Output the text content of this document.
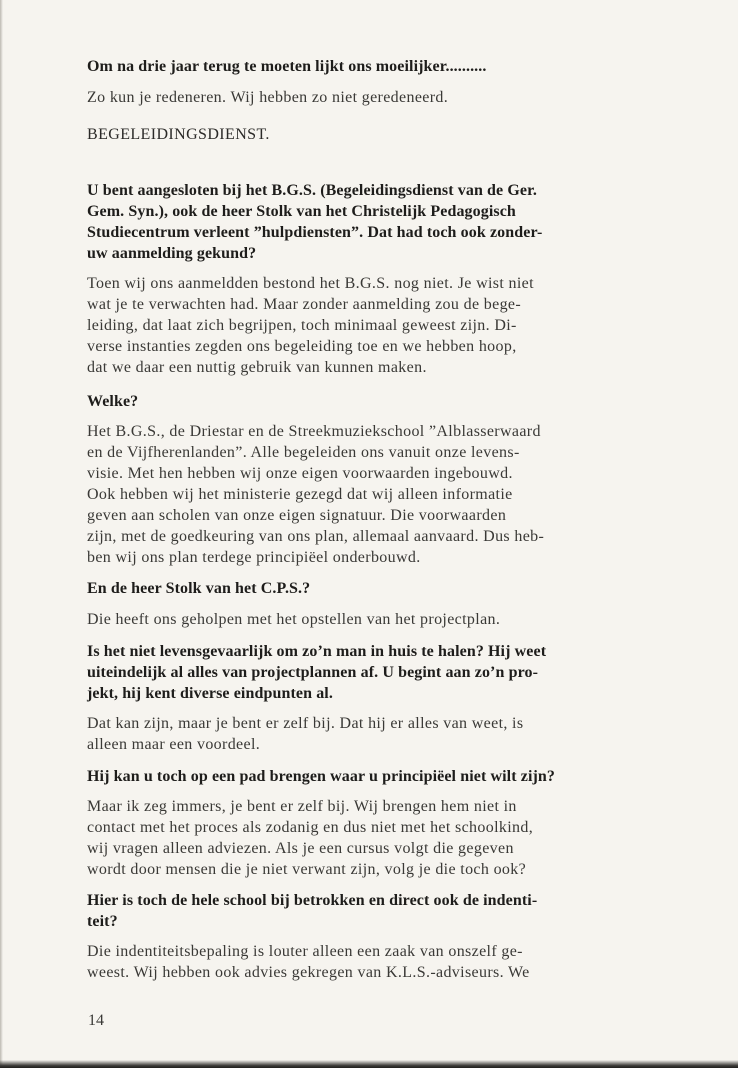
Om na drie jaar terug te moeten lijkt ons moeilijker..........

Zo kun je redeneren. Wij hebben zo niet geredeneerd.

BEGELEIDINGSDIENST.

U bent aangesloten bij het B.G.S. (Begeleidingsdienst van de Ger.
Gem. Syn.), ook de heer Stolk van het Christelijk Pedagogisch
Studiecentrum verleent ”hulpdiensten”. Dat had toch ook zonder-
uw aanmelding gekund?

Toen wij ons aanmeldden bestond het B.G.S. nog niet. Je wist niet
wat je te verwachten had. Maar zonder aanmelding zou de bege-
leiding, dat laat zich begrijpen, toch minimaal geweest zijn. Di-
verse instanties zegden ons begeleiding toe en we hebben hoop,
dat we daar een nuttig gebruik van kunnen maken.

Welke?

Het B.G.S., de Driestar en de Streekmuziekschool ”Alblasserwaard
en de Vijfherenlanden”. Alle begeleiden ons vanuit onze levens-
visie. Met hen hebben wij onze eigen voorwaarden ingebouwd.
Ook hebben wij het ministerie gezegd dat wij alleen informatie
geven aan scholen van onze eigen signatuur. Die voorwaarden
zijn, met de goedkeuring van ons plan, allemaal aanvaard. Dus heb-
ben wij ons plan terdege principiëel onderbouwd.

En de heer Stolk van het C.P.S.?

Die heeft ons geholpen met het opstellen van het projectplan.

Is het niet levensgevaarlijk om zo’n man in huis te halen? Hij weet
uiteindelijk al alles van projectplannen af. U begint aan zo’n pro-
jekt, hij kent diverse eindpunten al.

Dat kan zijn, maar je bent er zelf bij. Dat hij er alles van weet, is
alleen maar een voordeel.

Hij kan u toch op een pad brengen waar u principiëel niet wilt zijn?

Maar ik zeg immers, je bent er zelf bij. Wij brengen hem niet in
contact met het proces als zodanig en dus niet met het schoolkind,
wij vragen alleen adviezen. Als je een cursus volgt die gegeven
wordt door mensen die je niet verwant zijn, volg je die toch ook?

Hier is toch de hele school bij betrokken en direct ook de indenti-
teit?

Die indentiteitsbepaling is louter alleen een zaak van onszelf ge-
weest. Wij hebben ook advies gekregen van K.L.S.-adviseurs. We

14
